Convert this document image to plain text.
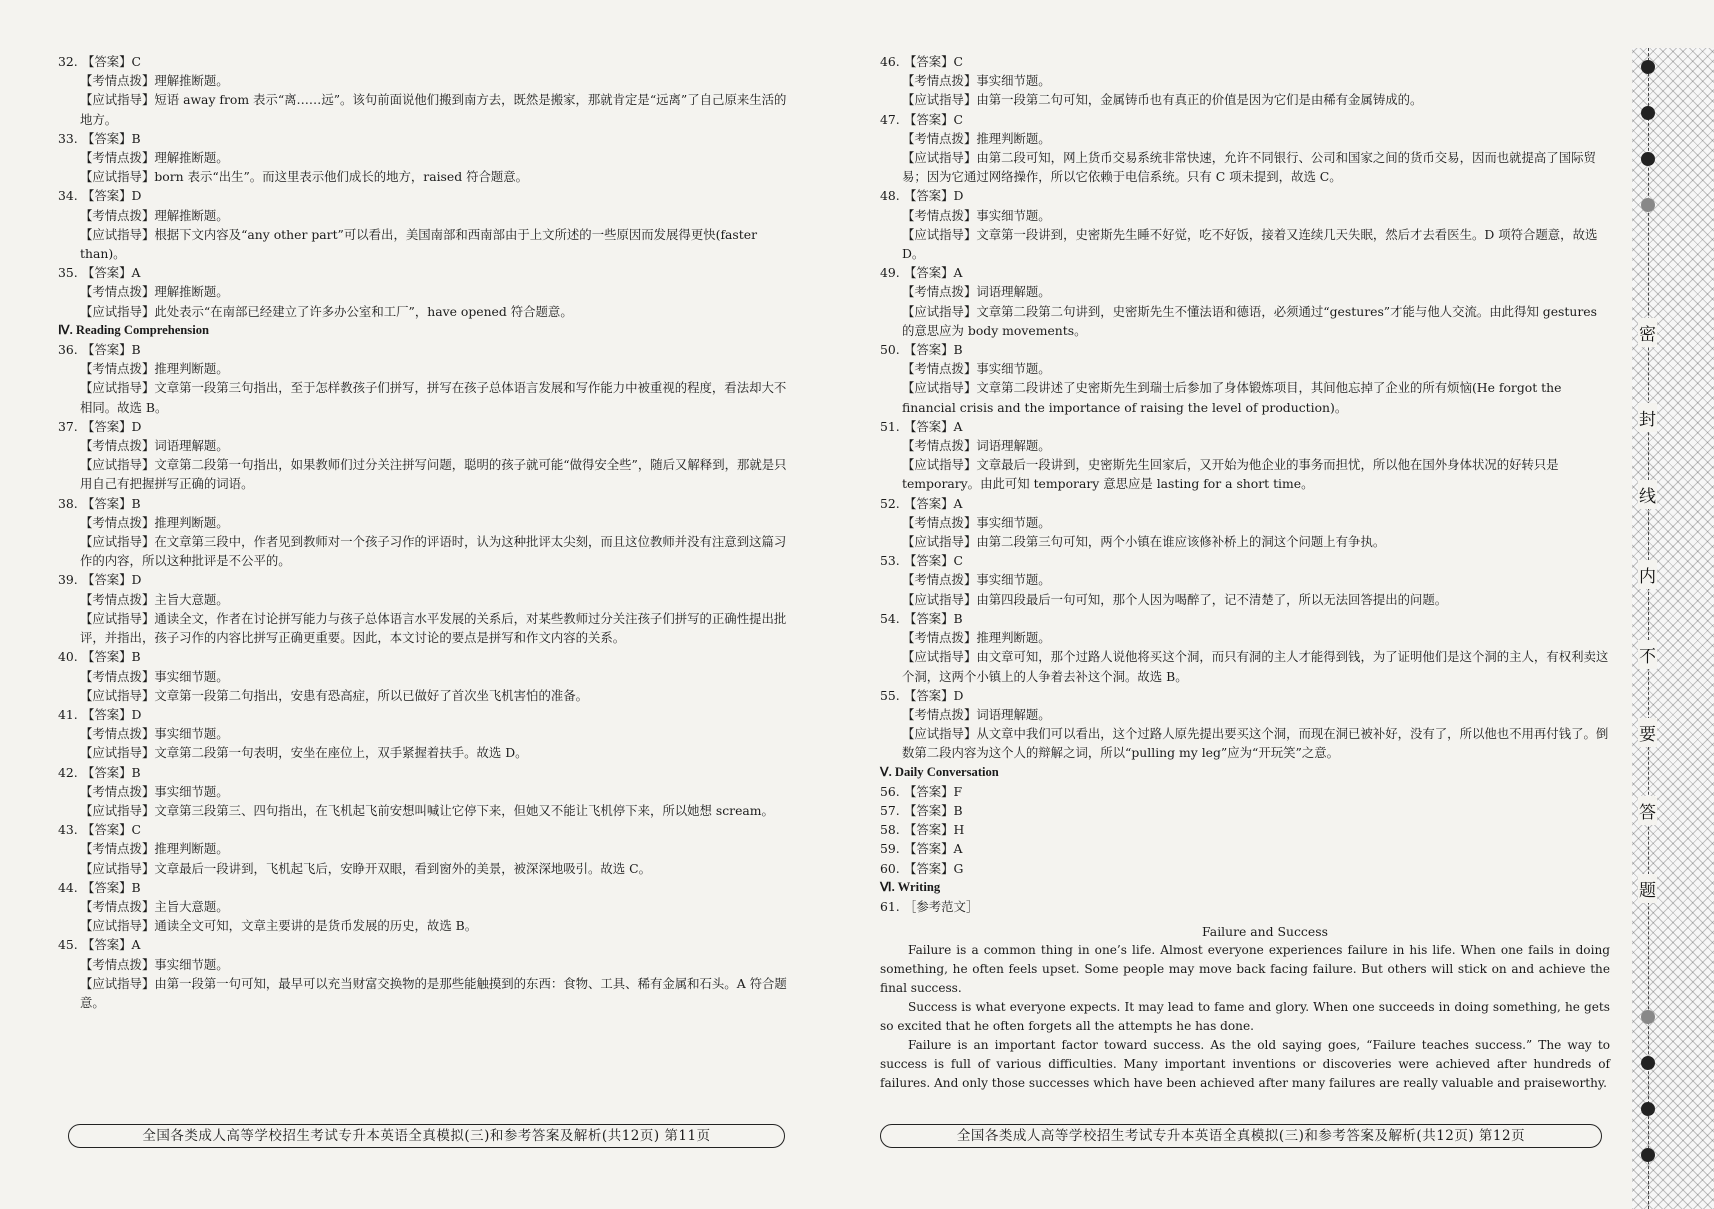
32. 【答案】C
【考情点拨】理解推断题。
【应试指导】短语 away from 表示“离……远”。该句前面说他们搬到南方去，既然是搬家，那就肯定是“远离”了自己原来生活的地方。
33. 【答案】B
【考情点拨】理解推断题。
【应试指导】born 表示“出生”。而这里表示他们成长的地方，raised 符合题意。
34. 【答案】D
【考情点拨】理解推断题。
【应试指导】根据下文内容及“any other part”可以看出，美国南部和西南部由于上文所述的一些原因而发展得更快(faster than)。
35. 【答案】A
【考情点拨】理解推断题。
【应试指导】此处表示“在南部已经建立了许多办公室和工厂”，have opened 符合题意。
Ⅳ. Reading Comprehension
36. 【答案】B
【考情点拨】推理判断题。
【应试指导】文章第一段第三句指出，至于怎样教孩子们拼写，拼写在孩子总体语言发展和写作能力中被重视的程度，看法却大不相同。故选 B。
37. 【答案】D
【考情点拨】词语理解题。
【应试指导】文章第二段第一句指出，如果教师们过分关注拼写问题，聪明的孩子就可能“做得安全些”，随后又解释到，那就是只用自己有把握拼写正确的词语。
38. 【答案】B
【考情点拨】推理判断题。
【应试指导】在文章第三段中，作者见到教师对一个孩子习作的评语时，认为这种批评太尖刻，而且这位教师并没有注意到这篇习作的内容，所以这种批评是不公平的。
39. 【答案】D
【考情点拨】主旨大意题。
【应试指导】通读全文，作者在讨论拼写能力与孩子总体语言水平发展的关系后，对某些教师过分关注孩子们拼写的正确性提出批评，并指出，孩子习作的内容比拼写正确更重要。因此，本文讨论的要点是拼写和作文内容的关系。
40. 【答案】B
【考情点拨】事实细节题。
【应试指导】文章第一段第二句指出，安患有恐高症，所以已做好了首次坐飞机害怕的准备。
41. 【答案】D
【考情点拨】事实细节题。
【应试指导】文章第二段第一句表明，安坐在座位上，双手紧握着扶手。故选 D。
42. 【答案】B
【考情点拨】事实细节题。
【应试指导】文章第三段第三、四句指出，在飞机起飞前安想叫喊让它停下来，但她又不能让飞机停下来，所以她想 scream。
43. 【答案】C
【考情点拨】推理判断题。
【应试指导】文章最后一段讲到，飞机起飞后，安睁开双眼，看到窗外的美景，被深深地吸引。故选 C。
44. 【答案】B
【考情点拨】主旨大意题。
【应试指导】通读全文可知，文章主要讲的是货币发展的历史，故选 B。
45. 【答案】A
【考情点拨】事实细节题。
【应试指导】由第一段第一句可知，最早可以充当财富交换物的是那些能触摸到的东西：食物、工具、稀有金属和石头。A 符合题意。
46. 【答案】C
【考情点拨】事实细节题。
【应试指导】由第一段第二句可知，金属铸币也有真正的价值是因为它们是由稀有金属铸成的。
47. 【答案】C
【考情点拨】推理判断题。
【应试指导】由第二段可知，网上货币交易系统非常快速，允许不同银行、公司和国家之间的货币交易，因而也就提高了国际贸易；因为它通过网络操作，所以它依赖于电信系统。只有 C 项未提到，故选 C。
48. 【答案】D
【考情点拨】事实细节题。
【应试指导】文章第一段讲到，史密斯先生睡不好觉，吃不好饭，接着又连续几天失眠，然后才去看医生。D 项符合题意，故选 D。
49. 【答案】A
【考情点拨】词语理解题。
【应试指导】文章第二段第二句讲到，史密斯先生不懂法语和德语，必须通过“gestures”才能与他人交流。由此得知 gestures 的意思应为 body movements。
50. 【答案】B
【考情点拨】事实细节题。
【应试指导】文章第二段讲述了史密斯先生到瑞士后参加了身体锻炼项目，其间他忘掉了企业的所有烦恼(He forgot the financial crisis and the importance of raising the level of production)。
51. 【答案】A
【考情点拨】词语理解题。
【应试指导】文章最后一段讲到，史密斯先生回家后，又开始为他企业的事务而担忧，所以他在国外身体状况的好转只是 temporary。由此可知 temporary 意思应是 lasting for a short time。
52. 【答案】A
【考情点拨】事实细节题。
【应试指导】由第二段第三句可知，两个小镇在谁应该修补桥上的洞这个问题上有争执。
53. 【答案】C
【考情点拨】事实细节题。
【应试指导】由第四段最后一句可知，那个人因为喝醉了，记不清楚了，所以无法回答提出的问题。
54. 【答案】B
【考情点拨】推理判断题。
【应试指导】由文章可知，那个过路人说他将买这个洞，而只有洞的主人才能得到钱，为了证明他们是这个洞的主人，有权利卖这个洞，这两个小镇上的人争着去补这个洞。故选 B。
55. 【答案】D
【考情点拨】词语理解题。
【应试指导】从文章中我们可以看出，这个过路人原先提出要买这个洞，而现在洞已被补好，没有了，所以他也不用再付钱了。倒数第二段内容为这个人的辩解之词，所以“pulling my leg”应为“开玩笑”之意。
Ⅴ. Daily Conversation
56. 【答案】F
57. 【答案】B
58. 【答案】H
59. 【答案】A
60. 【答案】G
Ⅵ. Writing
61. ［参考范文］
Failure and Success

Failure is a common thing in one’s life. Almost everyone experiences failure in his life. When one fails in doing something, he often feels upset. Some people may move back facing failure. But others will stick on and achieve the final success.

Success is what everyone expects. It may lead to fame and glory. When one succeeds in doing something, he gets so excited that he often forgets all the attempts he has done.

Failure is an important factor toward success. As the old saying goes, “Failure teaches success.” The way to success is full of various difficulties. Many important inventions or discoveries were achieved after hundreds of failures. And only those successes which have been achieved after many failures are really valuable and praiseworthy.

全国各类成人高等学校招生考试专升本英语全真模拟(三)和参考答案及解析(共12页) 第11页	全国各类成人高等学校招生考试专升本英语全真模拟(三)和参考答案及解析(共12页) 第12页
密
封
线
内
不
要
答
题
